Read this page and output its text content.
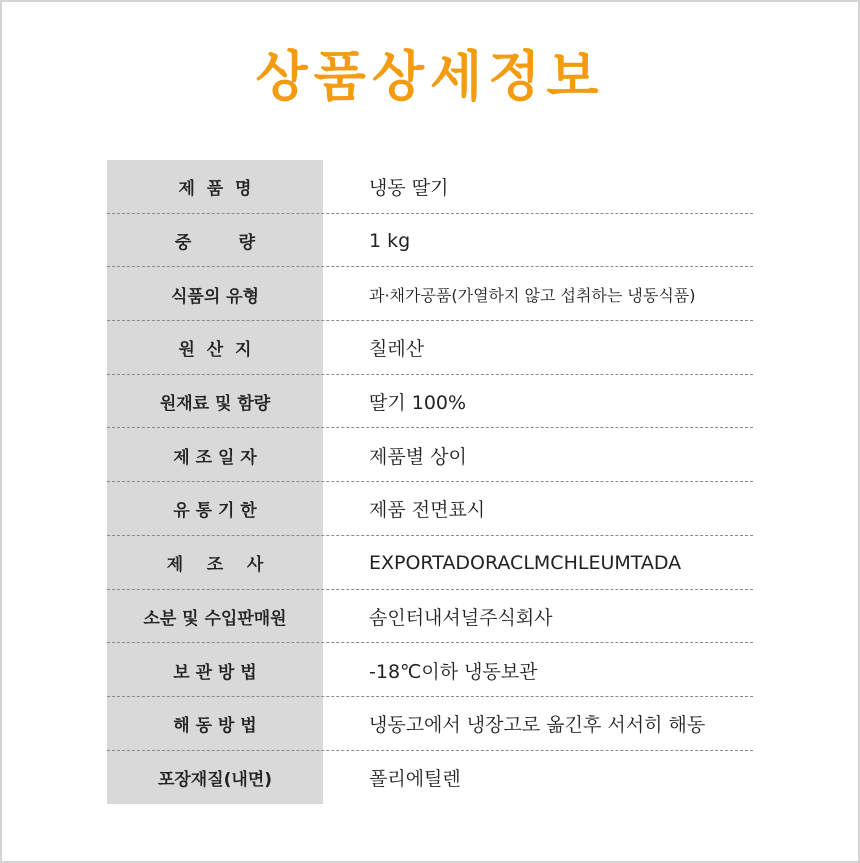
상품상세정보
제  품  명	냉동 딸기
중        량	1 kg
식품의 유형	과·채가공품(가열하지 않고 섭취하는 냉동식품)
원  산  지	칠레산
원재료 및 함량	딸기 100%
제 조 일 자	제품별 상이
유 통 기 한	제품 전면표시
제    조    사	EXPORTADORACLMCHLEUMTADA
소분 및 수입판매원	솜인터내셔널주식회사
보 관 방 법	-18℃이하 냉동보관
해 동 방 법	냉동고에서 냉장고로 옮긴후 서서히 해동
포장재질(내면)	폴리에틸렌
